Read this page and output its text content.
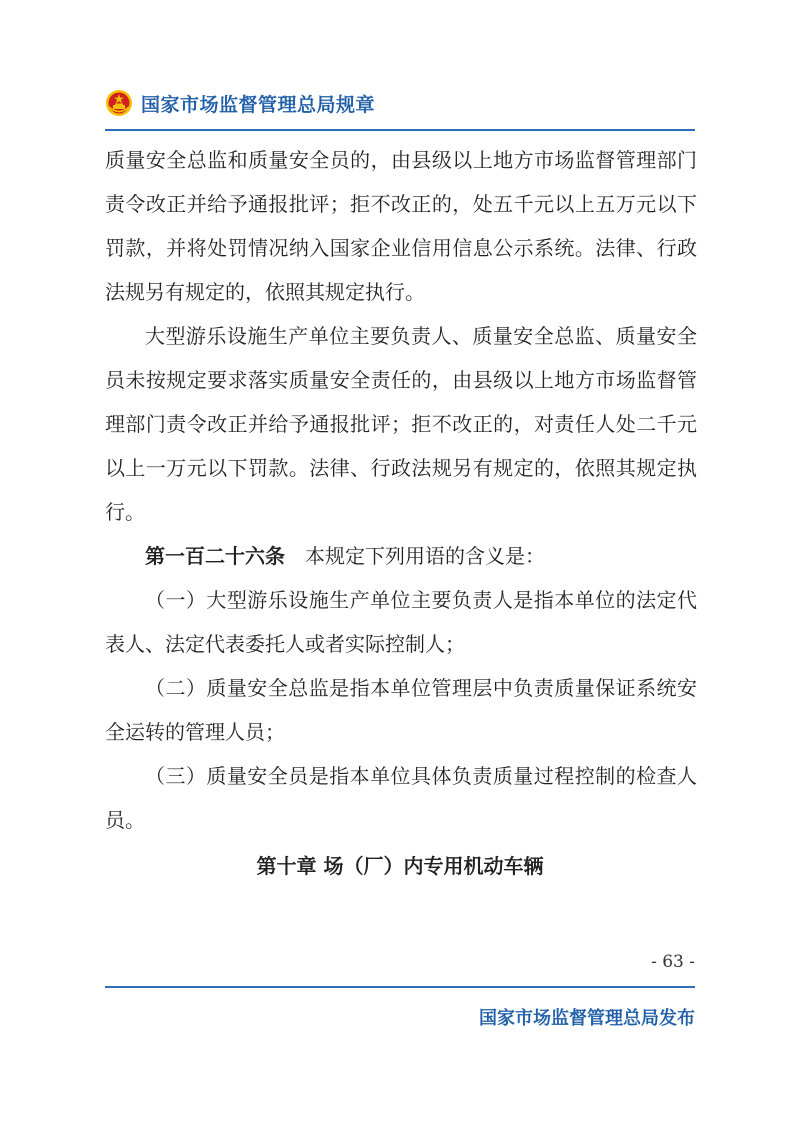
国家市场监督管理总局规章

质量安全总监和质量安全员的，由县级以上地方市场监督管理部门责令改正并给予通报批评；拒不改正的，处五千元以上五万元以下罚款，并将处罚情况纳入国家企业信用信息公示系统。法律、行政法规另有规定的，依照其规定执行。

大型游乐设施生产单位主要负责人、质量安全总监、质量安全员未按规定要求落实质量安全责任的，由县级以上地方市场监督管理部门责令改正并给予通报批评；拒不改正的，对责任人处二千元以上一万元以下罚款。法律、行政法规另有规定的，依照其规定执行。

第一百二十六条 本规定下列用语的含义是：

（一）大型游乐设施生产单位主要负责人是指本单位的法定代表人、法定代表委托人或者实际控制人；

（二）质量安全总监是指本单位管理层中负责质量保证系统安全运转的管理人员；

（三）质量安全员是指本单位具体负责质量过程控制的检查人员。

第十章 场（厂）内专用机动车辆
- 63 -
国家市场监督管理总局发布
